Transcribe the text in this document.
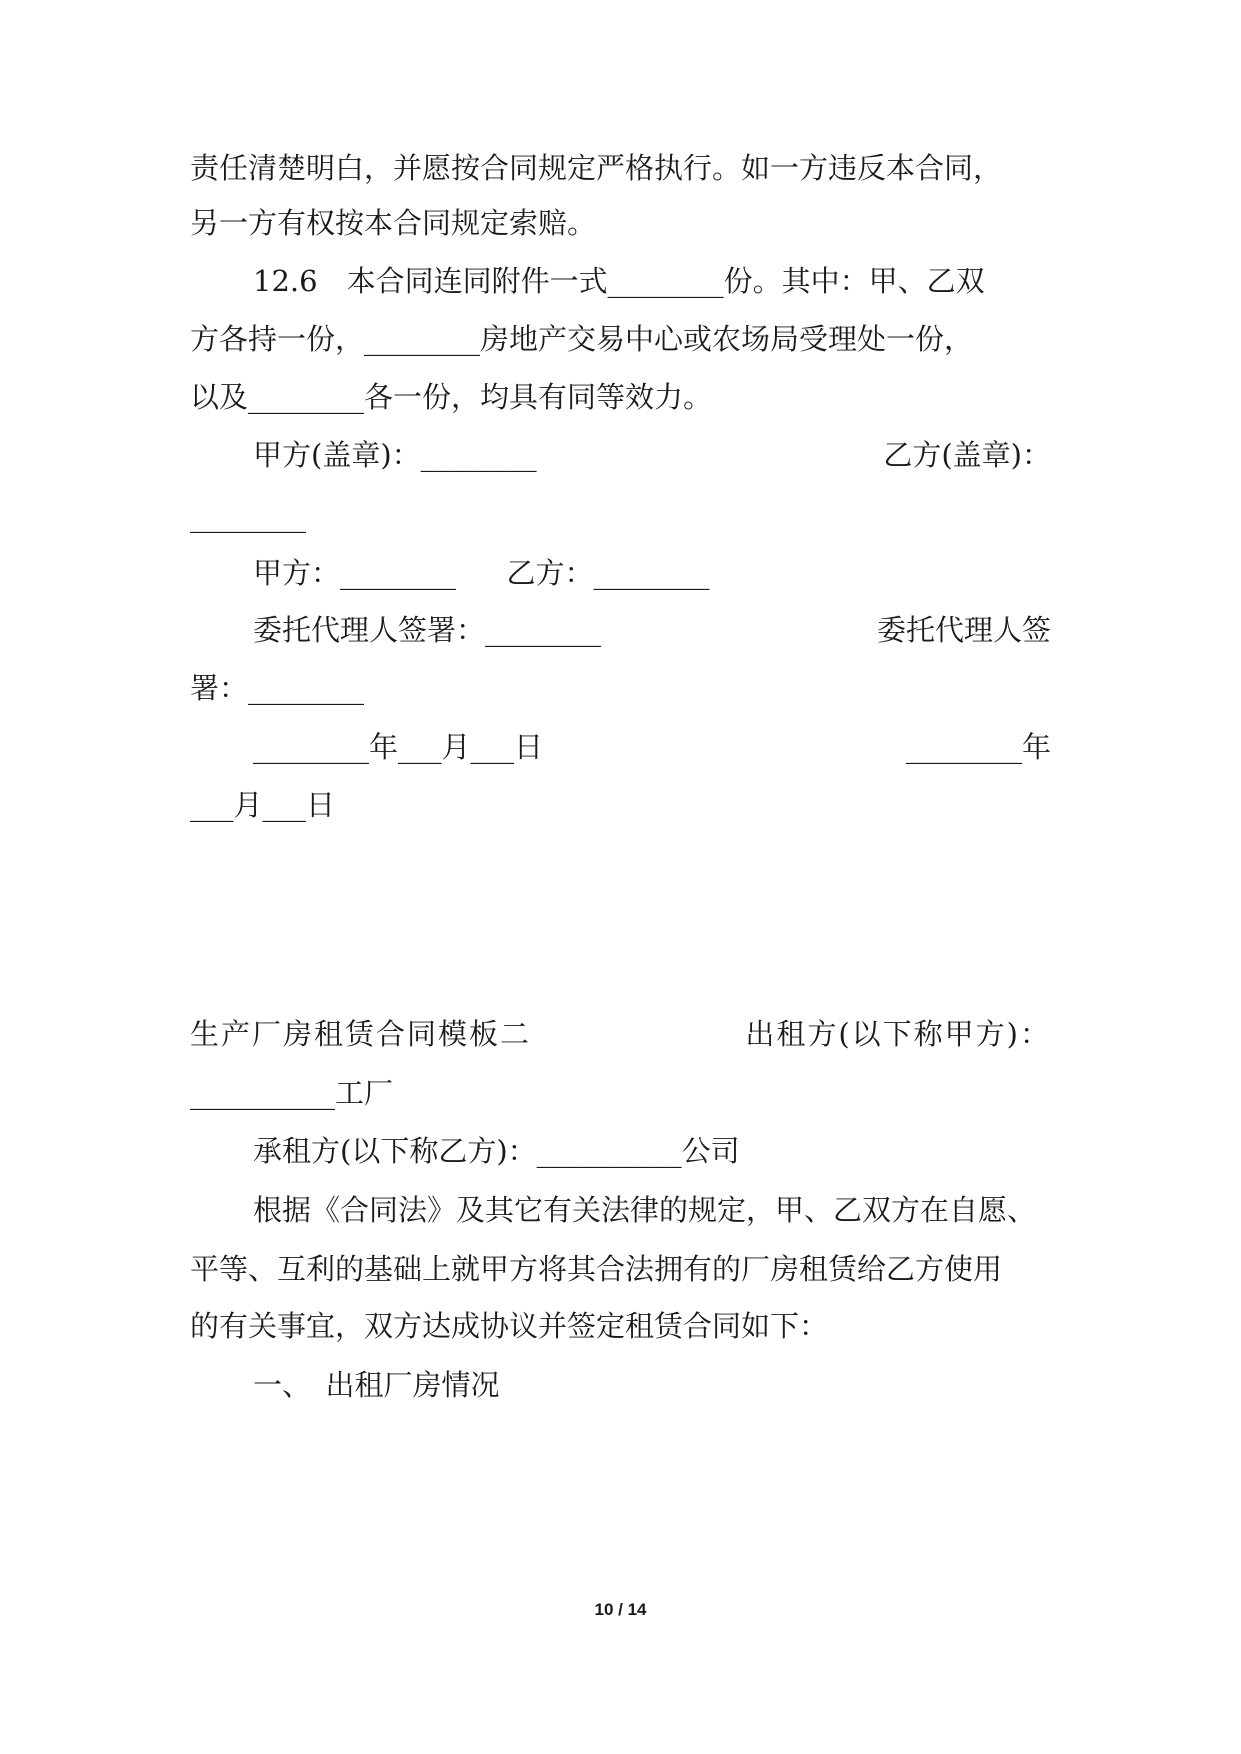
责任清楚明白，并愿按合同规定严格执行。如一方违反本合同，
另一方有权按本合同规定索赔。
12.6　本合同连同附件一式________份。其中：甲、乙双
方各持一份，________房地产交易中心或农场局受理处一份，
以及________各一份，均具有同等效力。
甲方(盖章)：________	乙方(盖章)：
________
甲方：________ 乙方：________
委托代理人签署：________	委托代理人签
署：________
________年___月___日	________年
___月___日
生产厂房租赁合同模板二	出租方(以下称甲方)：
__________工厂
承租方(以下称乙方)：__________公司
根据《合同法》及其它有关法律的规定，甲、乙双方在自愿、
平等、互利的基础上就甲方将其合法拥有的厂房租赁给乙方使用
的有关事宜，双方达成协议并签定租赁合同如下：
一、　出租厂房情况
10 / 14
